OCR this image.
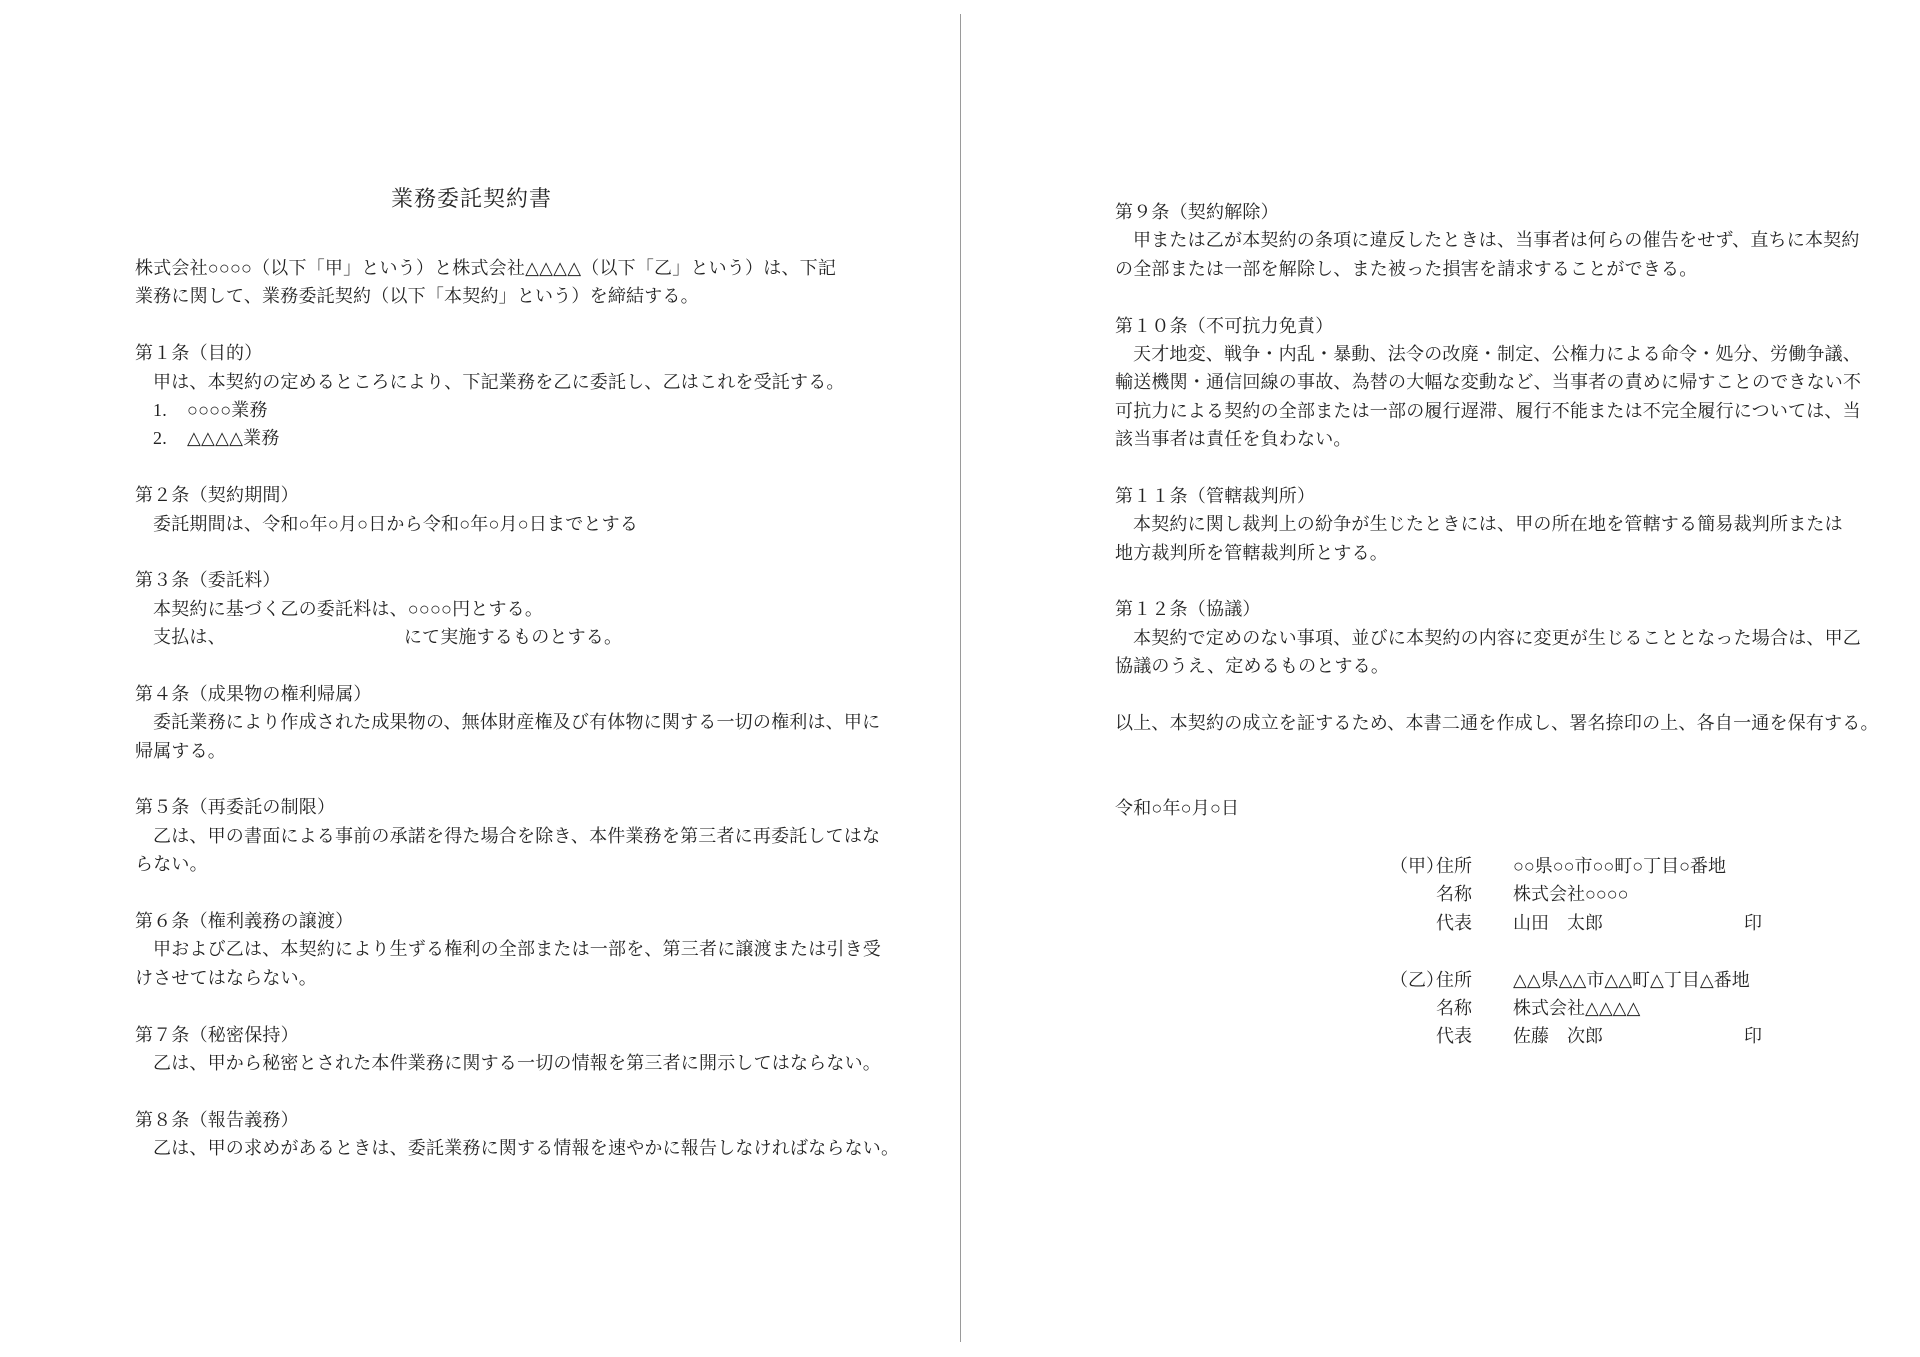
業務委託契約書
株式会社○○○○（以下「甲」という）と株式会社△△△△（以下「乙」という）は、下記
業務に関して、業務委託契約（以下「本契約」という）を締結する。
第１条（目的）
甲は、本契約の定めるところにより、下記業務を乙に委託し、乙はこれを受託する。
1. ○○○○業務
2. △△△△業務
第２条（契約期間）
委託期間は、令和○年○月○日から令和○年○月○日までとする
第３条（委託料）
本契約に基づく乙の委託料は、○○○○円とする。
支払は、	にて実施するものとする。
第４条（成果物の権利帰属）
委託業務により作成された成果物の、無体財産権及び有体物に関する一切の権利は、甲に
帰属する。
第５条（再委託の制限）
乙は、甲の書面による事前の承諾を得た場合を除き、本件業務を第三者に再委託してはな
らない。
第６条（権利義務の譲渡）
甲および乙は、本契約により生ずる権利の全部または一部を、第三者に譲渡または引き受
けさせてはならない。
第７条（秘密保持）
乙は、甲から秘密とされた本件業務に関する一切の情報を第三者に開示してはならない。
第８条（報告義務）
乙は、甲の求めがあるときは、委託業務に関する情報を速やかに報告しなければならない。
第９条（契約解除）
甲または乙が本契約の条項に違反したときは、当事者は何らの催告をせず、直ちに本契約
の全部または一部を解除し、また被った損害を請求することができる。
第１０条（不可抗力免責）
天才地変、戦争・内乱・暴動、法令の改廃・制定、公権力による命令・処分、労働争議、
輸送機関・通信回線の事故、為替の大幅な変動など、当事者の責めに帰すことのできない不
可抗力による契約の全部または一部の履行遅滞、履行不能または不完全履行については、当
該当事者は責任を負わない。
第１１条（管轄裁判所）
本契約に関し裁判上の紛争が生じたときには、甲の所在地を管轄する簡易裁判所または
地方裁判所を管轄裁判所とする。
第１２条（協議）
本契約で定めのない事項、並びに本契約の内容に変更が生じることとなった場合は、甲乙
協議のうえ、定めるものとする。
以上、本契約の成立を証するため、本書二通を作成し、署名捺印の上、各自一通を保有する。
令和○年○月○日
（甲）
住所 ○○県○○市○○町○丁目○番地
名称 株式会社○○○○
代表 山田　太郎	印
（乙）
住所 △△県△△市△△町△丁目△番地
名称 株式会社△△△△
代表 佐藤　次郎	印
